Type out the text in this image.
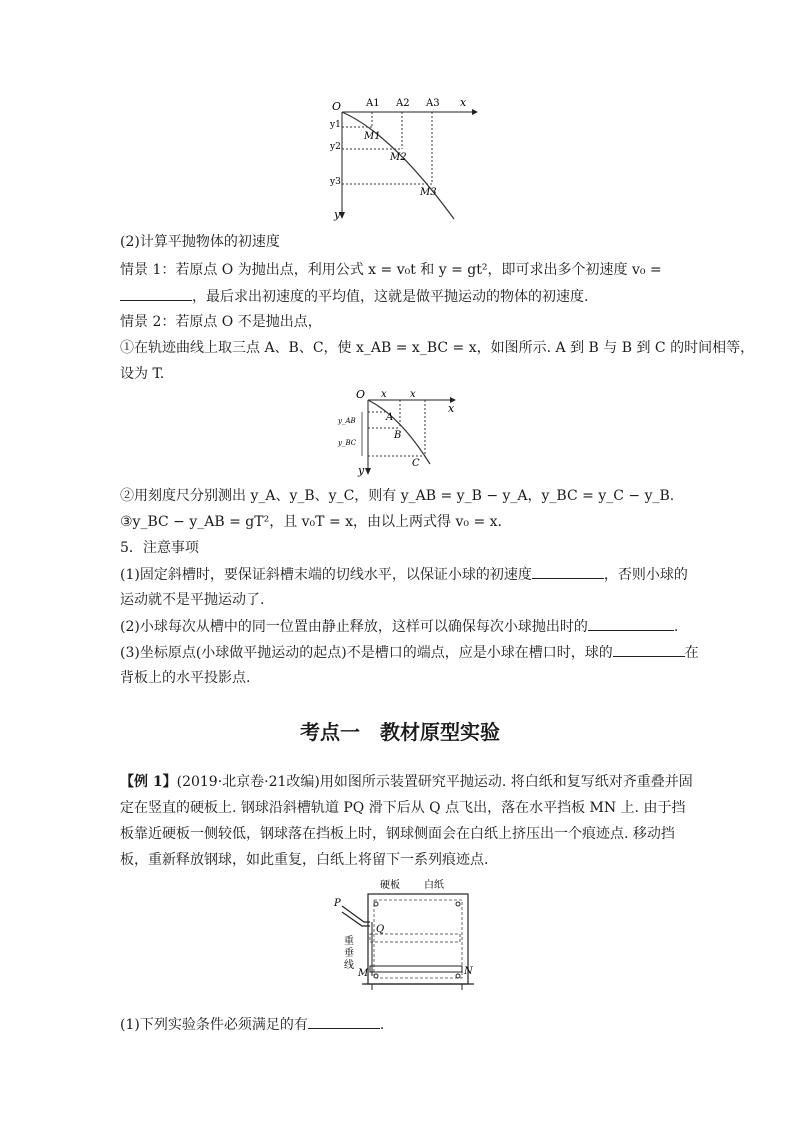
O	x
y
A1 A2 A3
y1
y2
y3
M1
M2
M3
(2)计算平抛物体的初速度
情景 1：若原点 O 为抛出点，利用公式 x = v₀t 和 y = gt²，即可求出多个初速度 v₀ =
，最后求出初速度的平均值，这就是做平抛运动的物体的初速度.
情景 2：若原点 O 不是抛出点，
①在轨迹曲线上取三点 A、B、C，使 x_AB = x_BC = x，如图所示. A 到 B 与 B 到 C 的时间相等，
设为 T.
O
x
y
x x
y_AB
y_BC
A
B
C
②用刻度尺分别测出 y_A、y_B、y_C，则有 y_AB = y_B − y_A，y_BC = y_C − y_B.
③y_BC − y_AB = gT²，且 v₀T = x，由以上两式得 v₀ = x.
5．注意事项
(1)固定斜槽时，要保证斜槽末端的切线水平，以保证小球的初速度	，否则小球的
运动就不是平抛运动了.
(2)小球每次从槽中的同一位置由静止释放，这样可以确保每次小球抛出时的	.
(3)坐标原点(小球做平抛运动的起点)不是槽口的端点，应是小球在槽口时，球的	在
背板上的水平投影点.
考点一　教材原型实验
【例 1】(2019·北京卷·21改编)用如图所示装置研究平抛运动. 将白纸和复写纸对齐重叠并固
定在竖直的硬板上. 钢球沿斜槽轨道 PQ 滑下后从 Q 点飞出，落在水平挡板 MN 上. 由于挡
板靠近硬板一侧较低，钢球落在挡板上时，钢球侧面会在白纸上挤压出一个痕迹点. 移动挡
板，重新释放钢球，如此重复，白纸上将留下一系列痕迹点.
硬板 白纸
P
Q
M	N
重
垂
线
(1)下列实验条件必须满足的有	.
